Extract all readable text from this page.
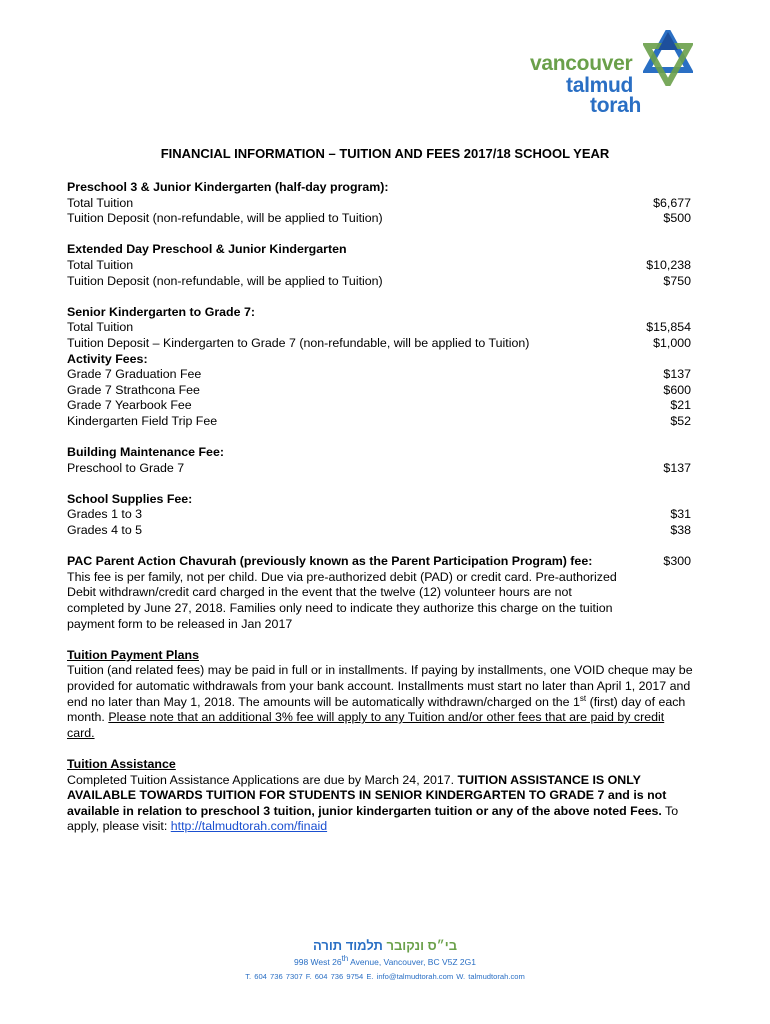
vancouver
talmud
torah
FINANCIAL INFORMATION – TUITION AND FEES 2017/18 SCHOOL YEAR
Preschool 3 & Junior Kindergarten (half-day program):
Total Tuition	$6,677
Tuition Deposit (non-refundable, will be applied to Tuition)	$500
Extended Day Preschool & Junior Kindergarten
Total Tuition	$10,238
Tuition Deposit (non-refundable, will be applied to Tuition)	$750
Senior Kindergarten to Grade 7:
Total Tuition	$15,854
Tuition Deposit – Kindergarten to Grade 7 (non-refundable, will be applied to Tuition)	$1,000
Activity Fees:
Grade 7 Graduation Fee	$137
Grade 7 Strathcona Fee	$600
Grade 7 Yearbook Fee	$21
Kindergarten Field Trip Fee	$52
Building Maintenance Fee:
Preschool to Grade 7	$137
School Supplies Fee:
Grades 1 to 3	$31
Grades 4 to 5	$38
PAC Parent Action Chavurah (previously known as the Parent Participation Program) fee:	$300
This fee is per family, not per child. Due via pre-authorized debit (PAD) or credit card. Pre-authorized Debit withdrawn/credit card charged in the event that the twelve (12) volunteer hours are not completed by June 27, 2018. Families only need to indicate they authorize this charge on the tuition payment form to be released in Jan 2017
Tuition Payment Plans
Tuition (and related fees) may be paid in full or in installments. If paying by installments, one VOID cheque may be provided for automatic withdrawals from your bank account. Installments must start no later than April 1, 2017 and end no later than May 1, 2018. The amounts will be automatically withdrawn/charged on the 1st (first) day of each month. Please note that an additional 3% fee will apply to any Tuition and/or other fees that are paid by credit card.
Tuition Assistance
Completed Tuition Assistance Applications are due by March 24, 2017. TUITION ASSISTANCE IS ONLY AVAILABLE TOWARDS TUITION FOR STUDENTS IN SENIOR KINDERGARTEN TO GRADE 7 and is not available in relation to preschool 3 tuition, junior kindergarten tuition or any of the above noted Fees. To apply, please visit: http://talmudtorah.com/finaid
בי״ס ונקובר תלמוד תורה
998 West 26th Avenue, Vancouver, BC V5Z 2G1
T. 604 736 7307 F. 604 736 9754 E. info@talmudtorah.com W. talmudtorah.com
